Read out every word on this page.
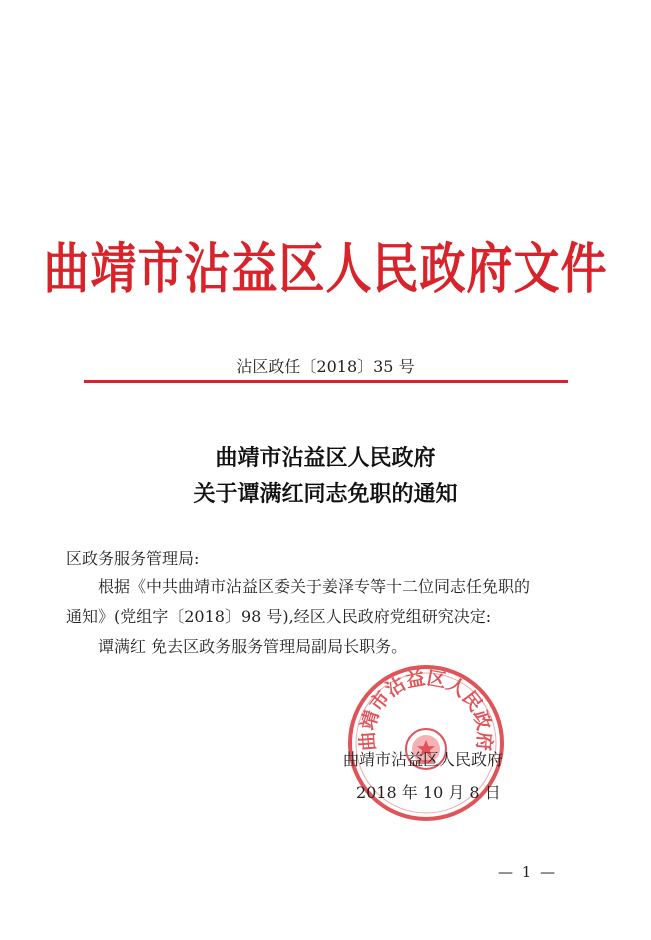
曲靖市沾益区人民政府文件
沾区政任〔2018〕35 号
曲靖市沾益区人民政府
关于谭满红同志免职的通知
区政务服务管理局:
根据《中共曲靖市沾益区委关于姜泽专等十二位同志任免职的
通知》(党组字〔2018〕98 号),经区人民政府党组研究决定:
谭满红 免去区政务服务管理局副局长职务。
曲靖市沾益区人民政府
曲靖市沾益区人民政府
2018 年 10 月 8 日
— 1 —
